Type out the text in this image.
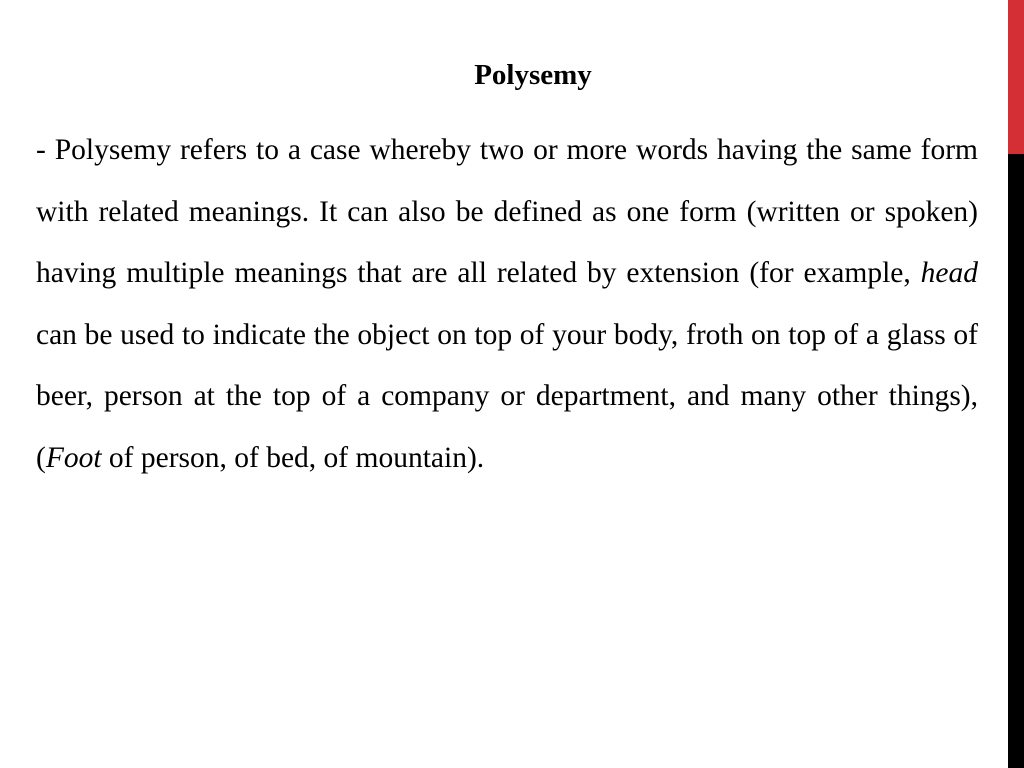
Polysemy

- Polysemy refers to a case whereby two or more words having the same form with related meanings. It can also be defined as one form (written or spoken) having multiple meanings that are all related by extension (for example, head can be used to indicate the object on top of your body, froth on top of a glass of beer, person at the top of a company or department, and many other things), (Foot of person, of bed, of mountain).
